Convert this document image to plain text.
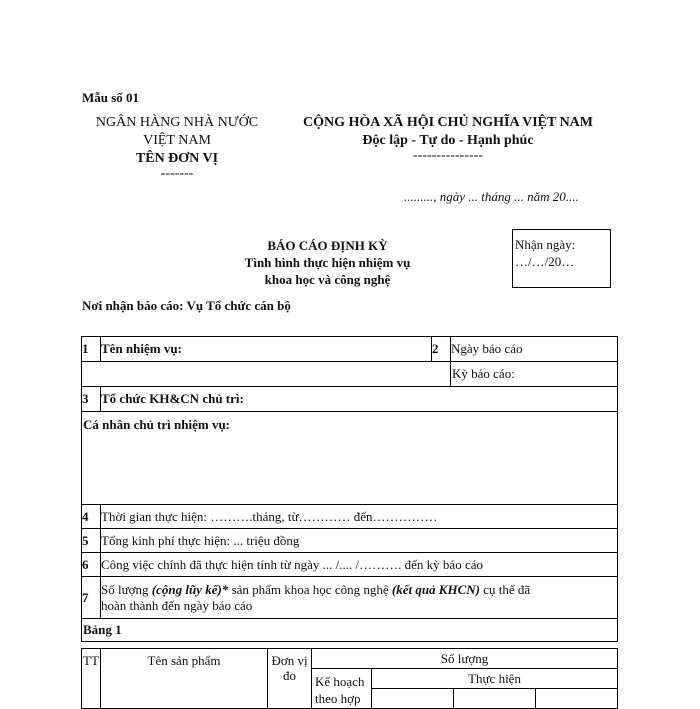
Mẫu số 01
NGÂN HÀNG NHÀ NƯỚC
VIỆT NAM
TÊN ĐƠN VỊ
-------
CỘNG HÒA XÃ HỘI CHỦ NGHĨA VIỆT NAM
Độc lập - Tự do - Hạnh phúc
---------------
........., ngày ... tháng ... năm 20....
BÁO CÁO ĐỊNH KỲ
Tình hình thực hiện nhiệm vụ
khoa học và công nghệ
Nhận ngày:
…/…/20…
Nơi nhận báo cáo: Vụ Tổ chức cán bộ
1	Tên nhiệm vụ:	2	Ngày báo cáo
			Kỳ báo cáo:
3	Tổ chức KH&CN chủ trì:		
Cá nhân chủ trì nhiệm vụ:			
4	Thời gian thực hiện: ……….tháng, từ………… đến……………		
5	Tổng kinh phí thực hiện: ... triệu đồng		
6	Công việc chính đã thực hiện tính từ ngày ... /.... /………. đến kỳ báo cáo		
7	Số lượng (cộng lũy kế)* sản phẩm khoa học công nghệ (kết quả KHCN) cụ thể đã
hoàn thành đến ngày báo cáo		
Bảng 1			
TT	Tên sản phẩm	Đơn vị đo	Số lượng			
			Kế hoạch theo hợp	Thực hiện		
